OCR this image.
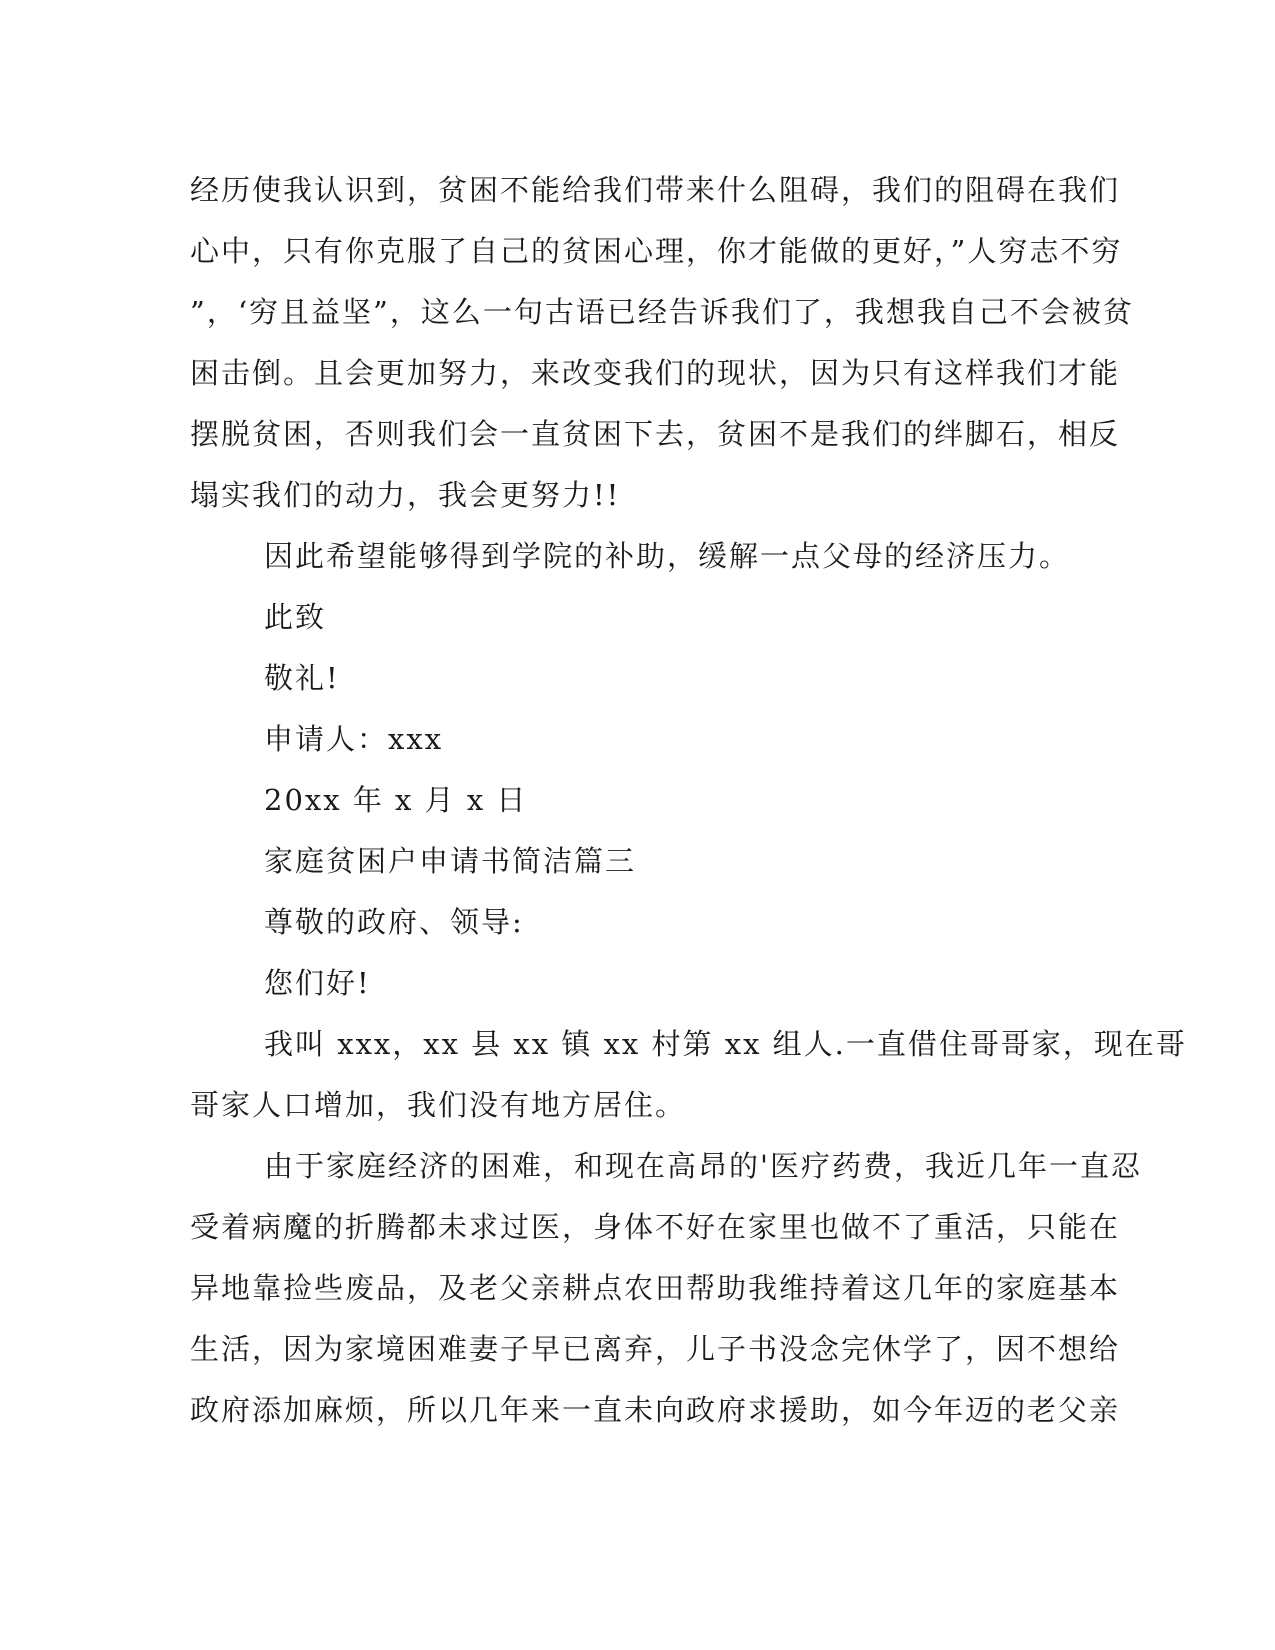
经历使我认识到，贫困不能给我们带来什么阻碍，我们的阻碍在我们
心中，只有你克服了自己的贫困心理，你才能做的更好，”人穷志不穷
”，‘穷且益坚”，这么一句古语已经告诉我们了，我想我自己不会被贫
困击倒。且会更加努力，来改变我们的现状，因为只有这样我们才能
摆脱贫困，否则我们会一直贫困下去，贫困不是我们的绊脚石，相反
塌实我们的动力，我会更努力!!
因此希望能够得到学院的补助，缓解一点父母的经济压力。
此致
敬礼!
申请人：xxx
20xx 年 x 月 x 日
家庭贫困户申请书简洁篇三
尊敬的政府、领导:
您们好!
我叫 xxx，xx 县 xx 镇 xx 村第 xx 组人.一直借住哥哥家，现在哥
哥家人口增加，我们没有地方居住。
由于家庭经济的困难，和现在高昂的'医疗药费，我近几年一直忍
受着病魔的折腾都未求过医，身体不好在家里也做不了重活，只能在
异地靠捡些废品，及老父亲耕点农田帮助我维持着这几年的家庭基本
生活，因为家境困难妻子早已离弃，儿子书没念完休学了，因不想给
政府添加麻烦，所以几年来一直未向政府求援助，如今年迈的老父亲
